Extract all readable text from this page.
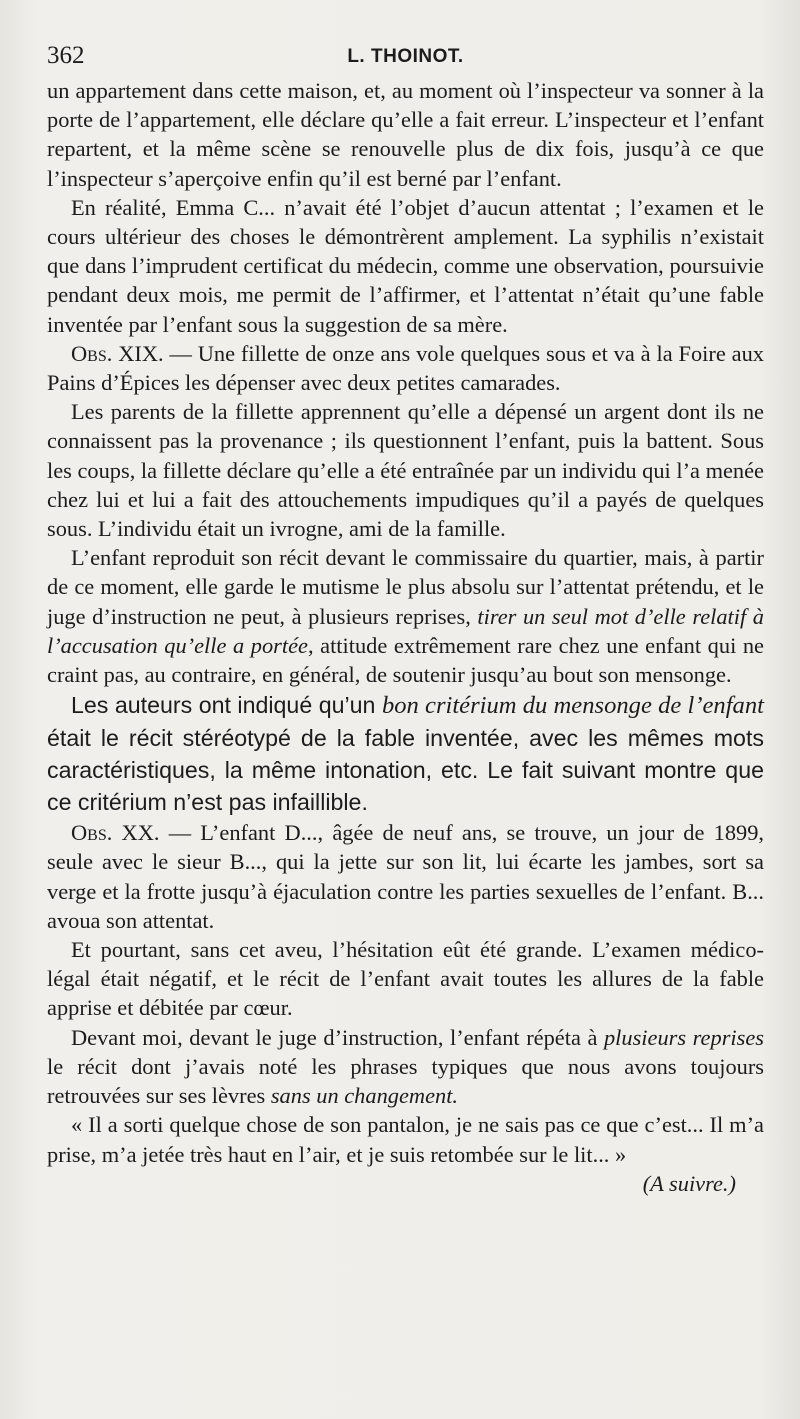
362	L. THOINOT.

un appartement dans cette maison, et, au moment où l’inspecteur va sonner à la porte de l’appartement, elle déclare qu’elle a fait erreur. L’inspecteur et l’enfant repartent, et la même scène se renouvelle plus de dix fois, jusqu’à ce que l’inspecteur s’aperçoive enfin qu’il est berné par l’enfant.

En réalité, Emma C... n’avait été l’objet d’aucun attentat ; l’examen et le cours ultérieur des choses le démontrèrent amplement. La syphilis n’existait que dans l’imprudent certificat du médecin, comme une observation, poursuivie pendant deux mois, me permit de l’affirmer, et l’attentat n’était qu’une fable inventée par l’enfant sous la suggestion de sa mère.

Obs. XIX. — Une fillette de onze ans vole quelques sous et va à la Foire aux Pains d’Épices les dépenser avec deux petites camarades.

Les parents de la fillette apprennent qu’elle a dépensé un argent dont ils ne connaissent pas la provenance ; ils questionnent l’enfant, puis la battent. Sous les coups, la fillette déclare qu’elle a été entraînée par un individu qui l’a menée chez lui et lui a fait des attouchements impudiques qu’il a payés de quelques sous. L’individu était un ivrogne, ami de la famille.

L’enfant reproduit son récit devant le commissaire du quartier, mais, à partir de ce moment, elle garde le mutisme le plus absolu sur l’attentat prétendu, et le juge d’instruction ne peut, à plusieurs reprises, tirer un seul mot d’elle relatif à l’accusation qu’elle a portée, attitude extrêmement rare chez une enfant qui ne craint pas, au contraire, en général, de soutenir jusqu’au bout son mensonge.

Les auteurs ont indiqué qu’un bon critérium du mensonge de l’enfant était le récit stéréotypé de la fable inventée, avec les mêmes mots caractéristiques, la même intonation, etc. Le fait suivant montre que ce critérium n’est pas infaillible.

Obs. XX. — L’enfant D..., âgée de neuf ans, se trouve, un jour de 1899, seule avec le sieur B..., qui la jette sur son lit, lui écarte les jambes, sort sa verge et la frotte jusqu’à éjaculation contre les parties sexuelles de l’enfant. B... avoua son attentat.

Et pourtant, sans cet aveu, l’hésitation eût été grande. L’examen médico-légal était négatif, et le récit de l’enfant avait toutes les allures de la fable apprise et débitée par cœur.

Devant moi, devant le juge d’instruction, l’enfant répéta à plusieurs reprises le récit dont j’avais noté les phrases typiques que nous avons toujours retrouvées sur ses lèvres sans un changement.

« Il a sorti quelque chose de son pantalon, je ne sais pas ce que c’est... Il m’a prise, m’a jetée très haut en l’air, et je suis retombée sur le lit... »
(A suivre.)
